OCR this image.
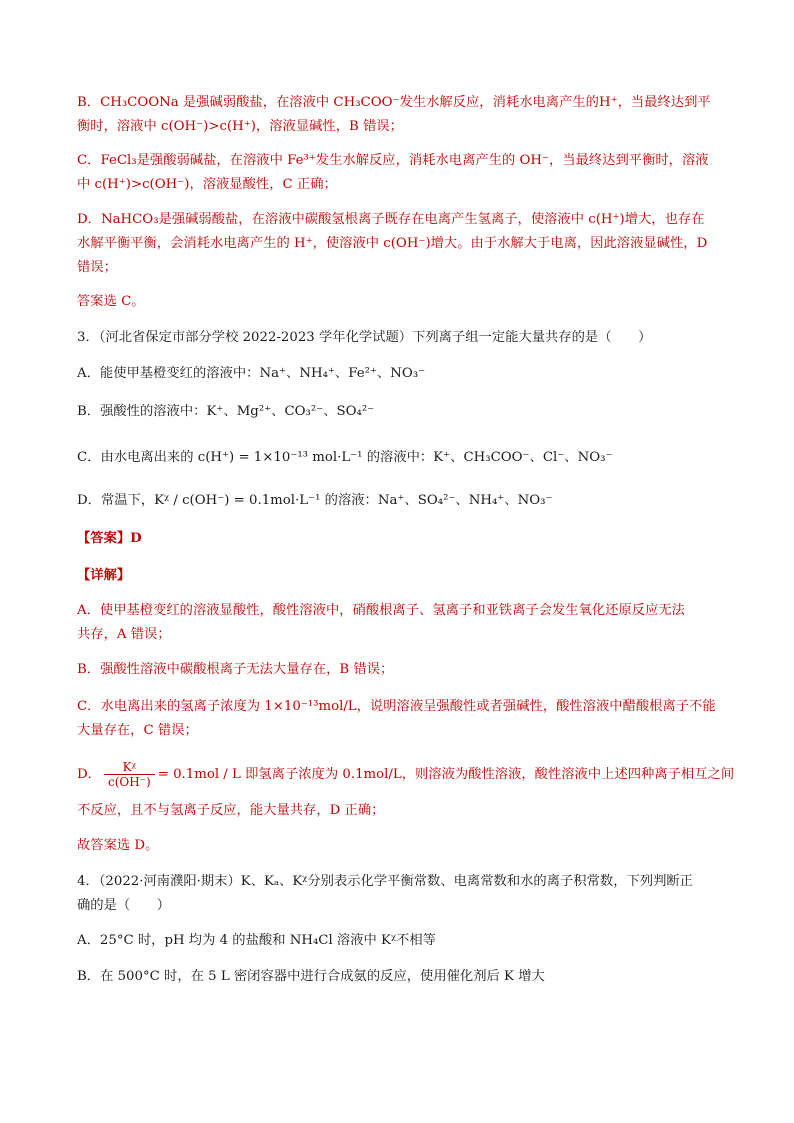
B．CH₃COONa 是强碱弱酸盐，在溶液中 CH₃COO⁻发生水解反应，消耗水电离产生的H⁺，当最终达到平
衡时，溶液中 c(OH⁻)>c(H⁺)，溶液显碱性，B 错误；
C．FeCl₃是强酸弱碱盐，在溶液中 Fe³⁺发生水解反应，消耗水电离产生的 OH⁻，当最终达到平衡时，溶液
中 c(H⁺)>c(OH⁻)，溶液显酸性，C 正确；
D．NaHCO₃是强碱弱酸盐，在溶液中碳酸氢根离子既存在电离产生氢离子，使溶液中 c(H⁺)增大，也存在
水解平衡平衡，会消耗水电离产生的 H⁺，使溶液中 c(OH⁻)增大。由于水解大于电离，因此溶液显碱性，D
错误；
答案选 C。
3．（河北省保定市部分学校 2022-2023 学年化学试题）下列离子组一定能大量共存的是（　　）
A．能使甲基橙变红的溶液中：Na⁺、NH₄⁺、Fe²⁺、NO₃⁻
B．强酸性的溶液中：K⁺、Mg²⁺、CO₃²⁻、SO₄²⁻
C．由水电离出来的 c(H⁺) = 1×10⁻¹³ mol·L⁻¹ 的溶液中：K⁺、CH₃COO⁻、Cl⁻、NO₃⁻
D．常温下，Kᵡ / c(OH⁻) = 0.1mol·L⁻¹ 的溶液：Na⁺、SO₄²⁻、NH₄⁺、NO₃⁻
【答案】D
【详解】
A．使甲基橙变红的溶液显酸性，酸性溶液中，硝酸根离子、氢离子和亚铁离子会发生氧化还原反应无法
共存，A 错误；
B．强酸性溶液中碳酸根离子无法大量存在，B 错误；
C．水电离出来的氢离子浓度为 1×10⁻¹³mol/L，说明溶液呈强酸性或者强碱性，酸性溶液中醋酸根离子不能
大量存在，C 错误；
D． $\frac{\text{Kᵡ}}{c(OH^-)} = 0.1mol / L$ 即氢离子浓度为 0.1mol/L，则溶液为酸性溶液，酸性溶液中上述四种离子相互之间
不反应，且不与氢离子反应，能大量共存，D 正确；
故答案选 D。
4．（2022·河南濮阳·期末）K、Kₐ、Kᵡ分别表示化学平衡常数、电离常数和水的离子积常数，下列判断正
确的是（　　）
A．25°C 时，pH 均为 4 的盐酸和 NH₄Cl 溶液中 Kᵡ不相等
B．在 500°C 时，在 5 L 密闭容器中进行合成氨的反应，使用催化剂后 K 增大
